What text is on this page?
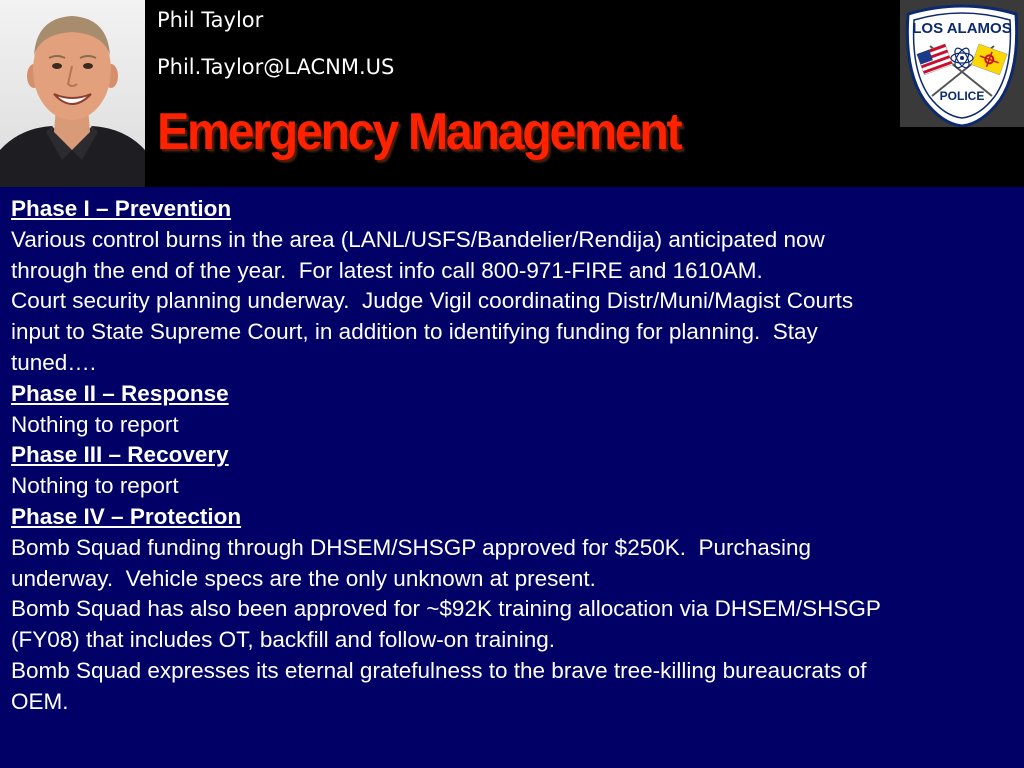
Phil Taylor
Phil.Taylor@LACNM.US
Emergency Management
LOS ALAMOS
POLICE
Phase I – Prevention
Various control burns in the area (LANL/USFS/Bandelier/Rendija) anticipated now
through the end of the year.  For latest info call 800-971-FIRE and 1610AM.
Court security planning underway.  Judge Vigil coordinating Distr/Muni/Magist Courts
input to State Supreme Court, in addition to identifying funding for planning.  Stay
tuned….
Phase II – Response
Nothing to report
Phase III – Recovery
Nothing to report
Phase IV – Protection
Bomb Squad funding through DHSEM/SHSGP approved for $250K.  Purchasing
underway.  Vehicle specs are the only unknown at present.
Bomb Squad has also been approved for ~$92K training allocation via DHSEM/SHSGP
(FY08) that includes OT, backfill and follow-on training.
Bomb Squad expresses its eternal gratefulness to the brave tree-killing bureaucrats of
OEM.
